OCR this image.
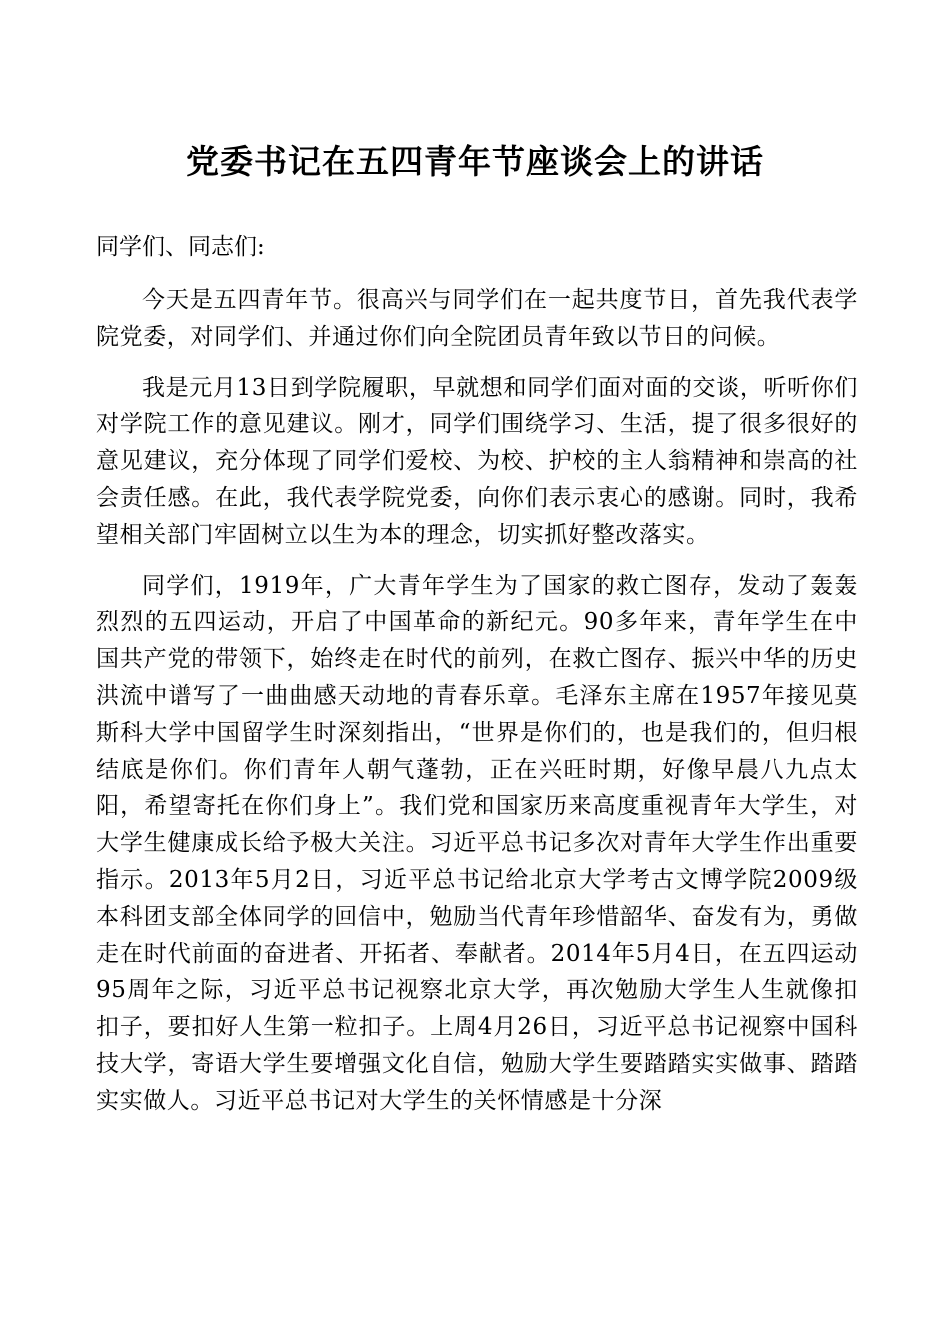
党委书记在五四青年节座谈会上的讲话

同学们、同志们:

今天是五四青年节。很高兴与同学们在一起共度节日，首先我代表学院党委，对同学们、并通过你们向全院团员青年致以节日的问候。

我是元月13日到学院履职，早就想和同学们面对面的交谈，听听你们对学院工作的意见建议。刚才，同学们围绕学习、生活，提了很多很好的意见建议，充分体现了同学们爱校、为校、护校的主人翁精神和崇高的社会责任感。在此，我代表学院党委，向你们表示衷心的感谢。同时，我希望相关部门牢固树立以生为本的理念，切实抓好整改落实。

同学们，1919年，广大青年学生为了国家的救亡图存，发动了轰轰烈烈的五四运动，开启了中国革命的新纪元。90多年来，青年学生在中国共产党的带领下，始终走在时代的前列，在救亡图存、振兴中华的历史洪流中谱写了一曲曲感天动地的青春乐章。毛泽东主席在1957年接见莫斯科大学中国留学生时深刻指出，“世界是你们的，也是我们的，但归根结底是你们。你们青年人朝气蓬勃，正在兴旺时期，好像早晨八九点太阳，希望寄托在你们身上”。我们党和国家历来高度重视青年大学生，对大学生健康成长给予极大关注。习近平总书记多次对青年大学生作出重要指示。2013年5月2日，习近平总书记给北京大学考古文博学院2009级本科团支部全体同学的回信中，勉励当代青年珍惜韶华、奋发有为，勇做走在时代前面的奋进者、开拓者、奉献者。2014年5月4日，在五四运动95周年之际，习近平总书记视察北京大学，再次勉励大学生人生就像扣扣子，要扣好人生第一粒扣子。上周4月26日，习近平总书记视察中国科技大学，寄语大学生要增强文化自信，勉励大学生要踏踏实实做事、踏踏实实做人。习近平总书记对大学生的关怀情感是十分深
